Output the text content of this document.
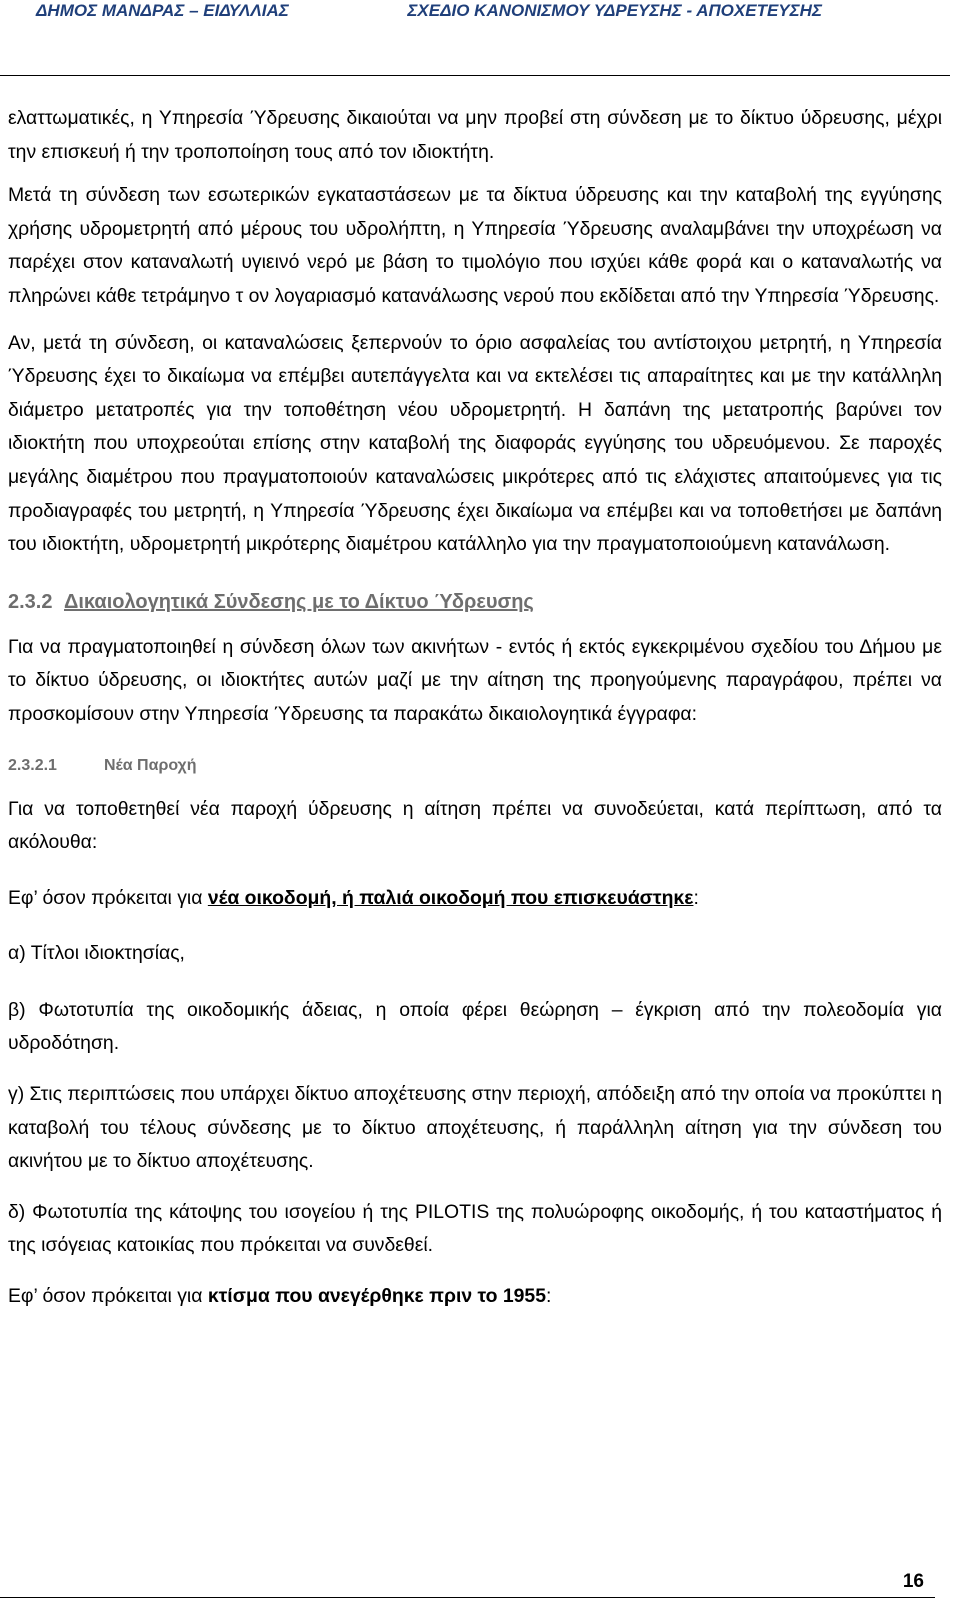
ΔΗΜΟΣ ΜΑΝΔΡΑΣ – ΕΙΔΥΛΛΙΑΣ	ΣΧΕΔΙΟ ΚΑΝΟΝΙΣΜΟΥ ΥΔΡΕΥΣΗΣ - ΑΠΟΧΕΤΕΥΣΗΣ

ελαττωματικές, η Υπηρεσία Ύδρευσης δικαιούται να μην προβεί στη σύνδεση με το δίκτυο ύδρευσης, μέχρι την επισκευή ή την τροποποίηση τους από τον ιδιοκτήτη.

Μετά τη σύνδεση των εσωτερικών εγκαταστάσεων με τα δίκτυα ύδρευσης και την καταβολή της εγγύησης χρήσης υδρομετρητή από μέρους του υδρολήπτη, η Υπηρεσία Ύδρευσης αναλαμβάνει την υποχρέωση να παρέχει στον καταναλωτή υγιεινό νερό με βάση το τιμολόγιο που ισχύει κάθε φορά και ο καταναλωτής να πληρώνει κάθε τετράμηνο τ ον λογαριασμό κατανάλωσης νερού που εκδίδεται από την Υπηρεσία Ύδρευσης.

Αν, μετά τη σύνδεση, οι καταναλώσεις ξεπερνούν το όριο ασφαλείας του αντίστοιχου μετρητή, η Υπηρεσία Ύδρευσης έχει το δικαίωμα να επέμβει αυτεπάγγελτα και να εκτελέσει τις απαραίτητες και με την κατάλληλη διάμετρο μετατροπές για την τοποθέτηση νέου υδρομετρητή. Η δαπάνη της μετατροπής βαρύνει τον ιδιοκτήτη που υποχρεούται επίσης στην καταβολή της διαφοράς εγγύησης του υδρευόμενου. Σε παροχές μεγάλης διαμέτρου που πραγματοποιούν καταναλώσεις μικρότερες από τις ελάχιστες απαιτούμενες για τις προδιαγραφές του μετρητή, η Υπηρεσία Ύδρευσης έχει δικαίωμα να επέμβει και να τοποθετήσει με δαπάνη του ιδιοκτήτη, υδρομετρητή μικρότερης διαμέτρου κατάλληλο για την πραγματοποιούμενη κατανάλωση.

2.3.2 Δικαιολογητικά Σύνδεσης με το Δίκτυο Ύδρευσης

Για να πραγματοποιηθεί η σύνδεση όλων των ακινήτων - εντός ή εκτός εγκεκριμένου σχεδίου του Δήμου με το δίκτυο ύδρευσης, οι ιδιοκτήτες αυτών μαζί με την αίτηση της προηγούμενης παραγράφου, πρέπει να προσκομίσουν στην Υπηρεσία Ύδρευσης τα παρακάτω δικαιολογητικά έγγραφα:

2.3.2.1	Νέα Παροχή

Για να τοποθετηθεί νέα παροχή ύδρευσης η αίτηση πρέπει να συνοδεύεται, κατά περίπτωση, από τα ακόλουθα:

Εφ’ όσον πρόκειται για νέα οικοδομή, ή παλιά οικοδομή που επισκευάστηκε:

α) Τίτλοι ιδιοκτησίας,

β) Φωτοτυπία της οικοδομικής άδειας, η οποία φέρει θεώρηση – έγκριση από την πολεοδομία για υδροδότηση.

γ) Στις περιπτώσεις που υπάρχει δίκτυο αποχέτευσης στην περιοχή, απόδειξη από την οποία να προκύπτει η καταβολή του τέλους σύνδεσης με το δίκτυο αποχέτευσης, ή παράλληλη αίτηση για την σύνδεση του ακινήτου με το δίκτυο αποχέτευσης.

δ) Φωτοτυπία της κάτοψης του ισογείου ή της PILOTIS της πολυώροφης οικοδομής, ή του καταστήματος ή της ισόγειας κατοικίας που πρόκειται να συνδεθεί.

Εφ’ όσον πρόκειται για κτίσμα που ανεγέρθηκε πριν το 1955:

16
